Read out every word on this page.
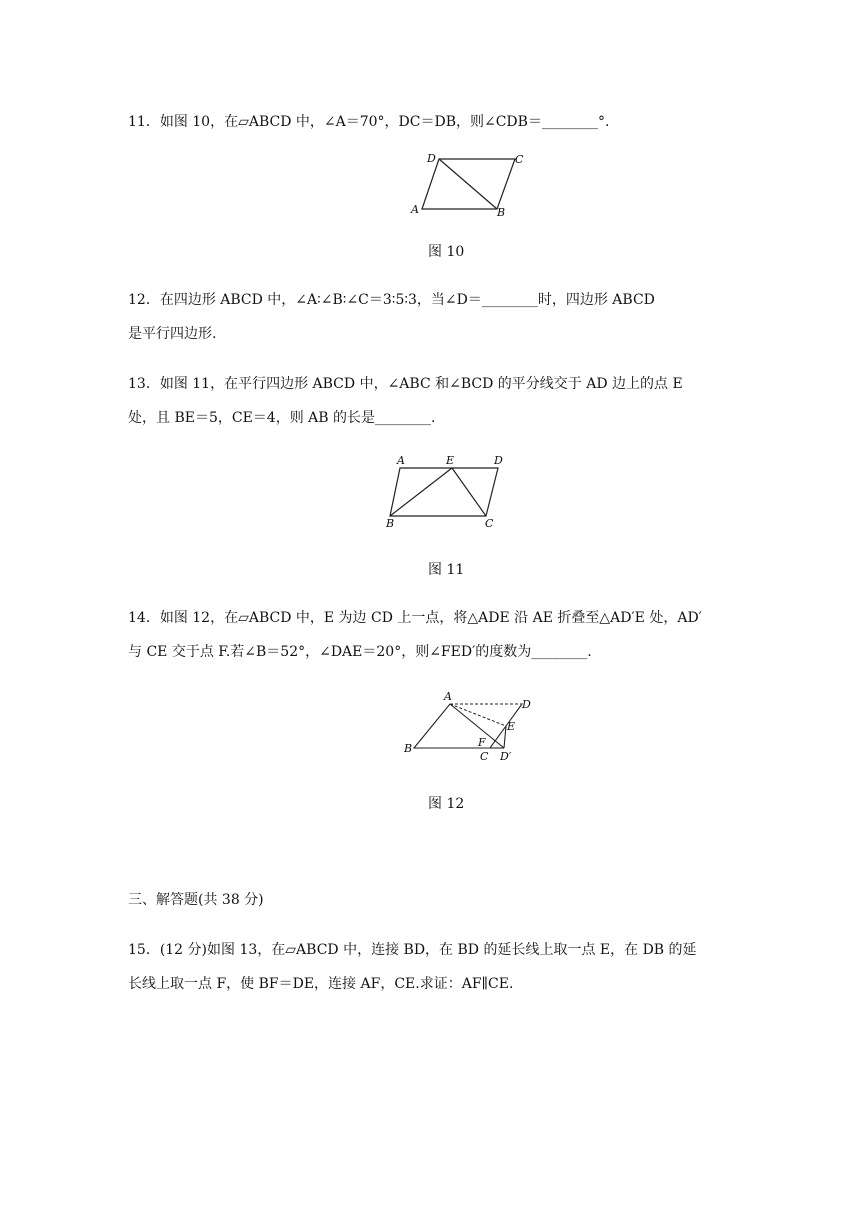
11．如图 10，在▱ABCD 中，∠A＝70°，DC＝DB，则∠CDB＝________°.
D	C
A	B
图 10
12．在四边形 ABCD 中，∠A∶∠B∶∠C＝3∶5∶3，当∠D＝________时，四边形 ABCD
是平行四边形.
13．如图 11，在平行四边形 ABCD 中，∠ABC 和∠BCD 的平分线交于 AD 边上的点 E
处，且 BE＝5，CE＝4，则 AB 的长是________.
A	E	D
B	C
图 11
14．如图 12，在▱ABCD 中，E 为边 CD 上一点，将△ADE 沿 AE 折叠至△AD′E 处，AD′
与 CE 交于点 F.若∠B＝52°，∠DAE＝20°，则∠FED′的度数为________.
A
D
E
B	F
C D′
图 12
三、解答题(共 38 分)
15．(12 分)如图 13，在▱ABCD 中，连接 BD，在 BD 的延长线上取一点 E，在 DB 的延
长线上取一点 F，使 BF＝DE，连接 AF，CE.求证：AF∥CE.
